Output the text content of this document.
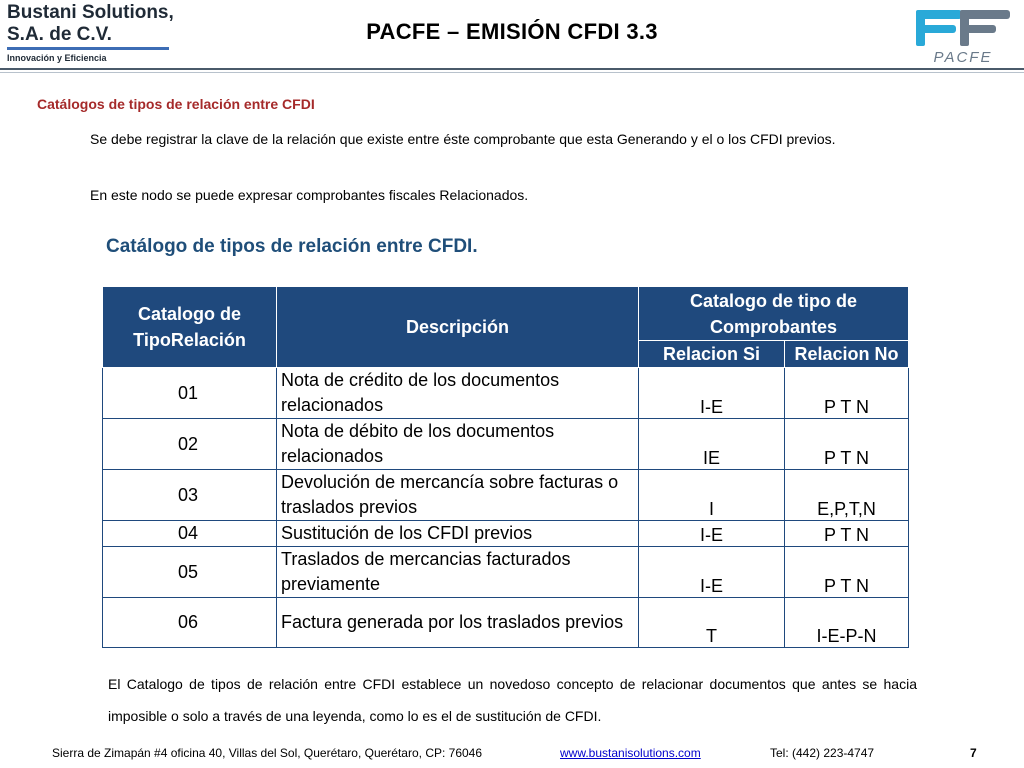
Bustani Solutions,
S.A. de C.V.
Innovación y Eficiencia
PACFE – EMISIÓN CFDI 3.3
PACFE
Catálogos de tipos de relación entre CFDI
Se debe registrar la clave de la relación que existe entre éste comprobante que esta Generando y el o los CFDI previos.
En este nodo se puede expresar comprobantes fiscales Relacionados.
Catálogo de tipos de relación entre CFDI.
Catalogo de TipoRelación	Descripción	Catalogo de tipo de Comprobantes	
		Relacion Si	Relacion No
01	Nota de crédito de los documentos relacionados	I-E	P T N
02	Nota de débito de los documentos relacionados	IE	P T N
03	Devolución de mercancía sobre facturas o traslados previos	I	E,P,T,N
04	Sustitución de los CFDI previos	I-E	P T N
05	Traslados de mercancias facturados previamente	I-E	P T N
06	Factura generada por los traslados previos	T	I-E-P-N
El Catalogo de tipos de relación entre CFDI establece un novedoso concepto de relacionar documentos que antes se hacia imposible o solo a través de una leyenda, como lo es el de sustitución de CFDI.
Sierra de Zimapán #4 oficina 40, Villas del Sol, Querétaro, Querétaro, CP: 76046	www.bustanisolutions.com	Tel: (442) 223-4747	7
